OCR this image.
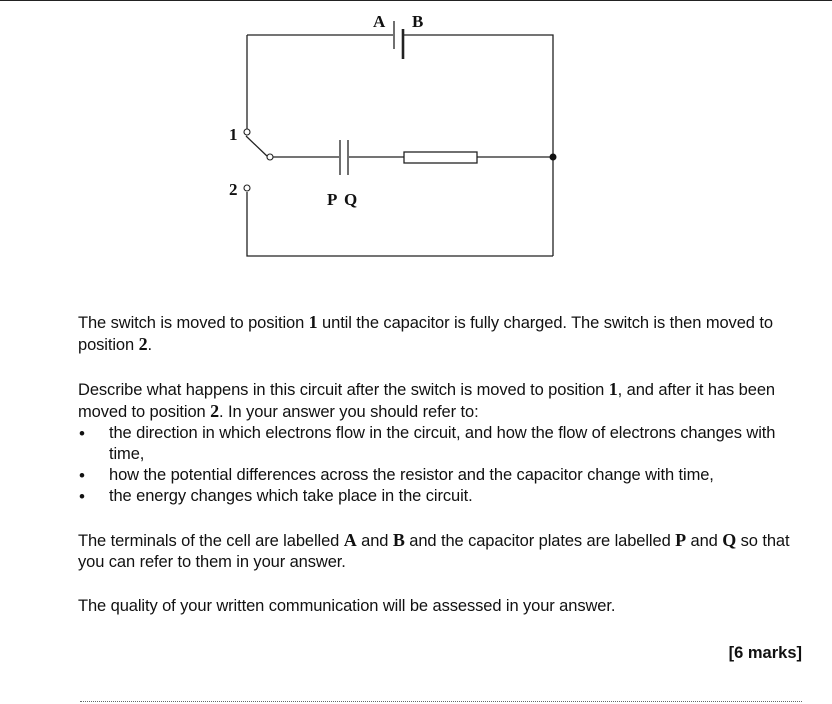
A B
1
2
P Q

The switch is moved to position 1 until the capacitor is fully charged. The switch is then moved to position 2.

Describe what happens in this circuit after the switch is moved to position 1, and after it has been moved to position 2. In your answer you should refer to:

• the direction in which electrons flow in the circuit, and how the flow of electrons changes with time,
• how the potential differences across the resistor and the capacitor change with time,
• the energy changes which take place in the circuit.

The terminals of the cell are labelled A and B and the capacitor plates are labelled P and Q so that you can refer to them in your answer.

The quality of your written communication will be assessed in your answer.

[6 marks]
